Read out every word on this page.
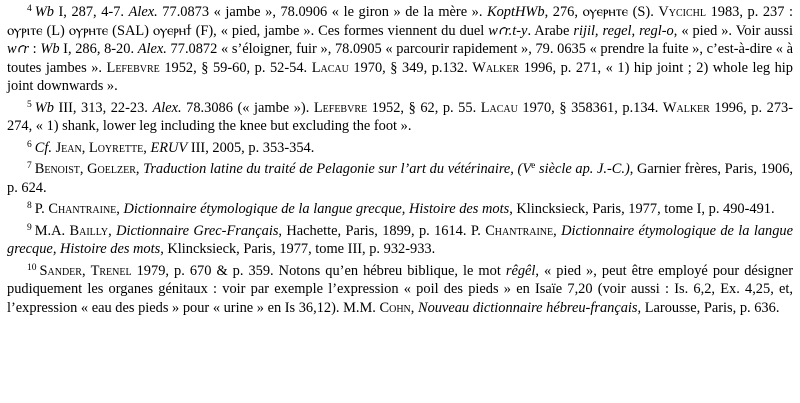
$^4$ Wb I, 287, 4-7. Alex. 77.0873 « jambe », 78.0906 « le giron » de la mère ». KoptHWb, 276, ⲟⲩⲉⲣⲏⲧⲉ (S). Vycichl 1983, p. 237 : ⲟⲩⲣⲓⲧⲉ (L) ⲟⲩⲣⲏⲧⲉ (SAL) ⲟⲩⲉⲣⲏϯ (F), « pied, jambe ». Ces formes viennent du duel wꜥr.t-y. Arabe rijil, regel, regl-o, « pied ». Voir aussi wꜥr : Wb I, 286, 8-20. Alex. 77.0872 « s’éloigner, fuir », 78.0905 « parcourir rapidement », 79. 0635 « prendre la fuite », c’est-à-dire « à toutes jambes ». Lefebvre 1952, § 59-60, p. 52-54. Lacau 1970, § 349, p.132. Walker 1996, p. 271, « 1) hip joint ; 2) whole leg hip joint downwards ».

$^5$ Wb III, 313, 22-23. Alex. 78.3086 (« jambe »). Lefebvre 1952, § 62, p. 55. Lacau 1970, § 358361, p.134. Walker 1996, p. 273-274, « 1) shank, lower leg including the knee but excluding the foot ».

$^6$ Cf. Jean, Loyrette, ERUV III, 2005, p. 353-354.

$^7$ Benoist, Goelzer, Traduction latine du traité de Pelagonie sur l’art du vétérinaire, (Ve siècle ap. J.-C.), Garnier frères, Paris, 1906, p. 624.

$^8$ P. Chantraine, Dictionnaire étymologique de la langue grecque, Histoire des mots, Klincksieck, Paris, 1977, tome I, p. 490-491.

$^9$ M.A. Bailly, Dictionnaire Grec-Français, Hachette, Paris, 1899, p. 1614. P. Chantraine, Dictionnaire étymologique de la langue grecque, Histoire des mots, Klincksieck, Paris, 1977, tome III, p. 932-933.

$^{10}$ Sander, Trenel 1979, p. 670 & p. 359. Notons qu’en hébreu biblique, le mot rêgêl, « pied », peut être employé pour désigner pudiquement les organes génitaux : voir par exemple l’expression « poil des pieds » en Isaïe 7,20 (voir aussi : Is. 6,2, Ex. 4,25, et, l’expression « eau des pieds » pour « urine » en Is 36,12). M.M. Cohn, Nouveau dictionnaire hébreu-français, Larousse, Paris, p. 636.
